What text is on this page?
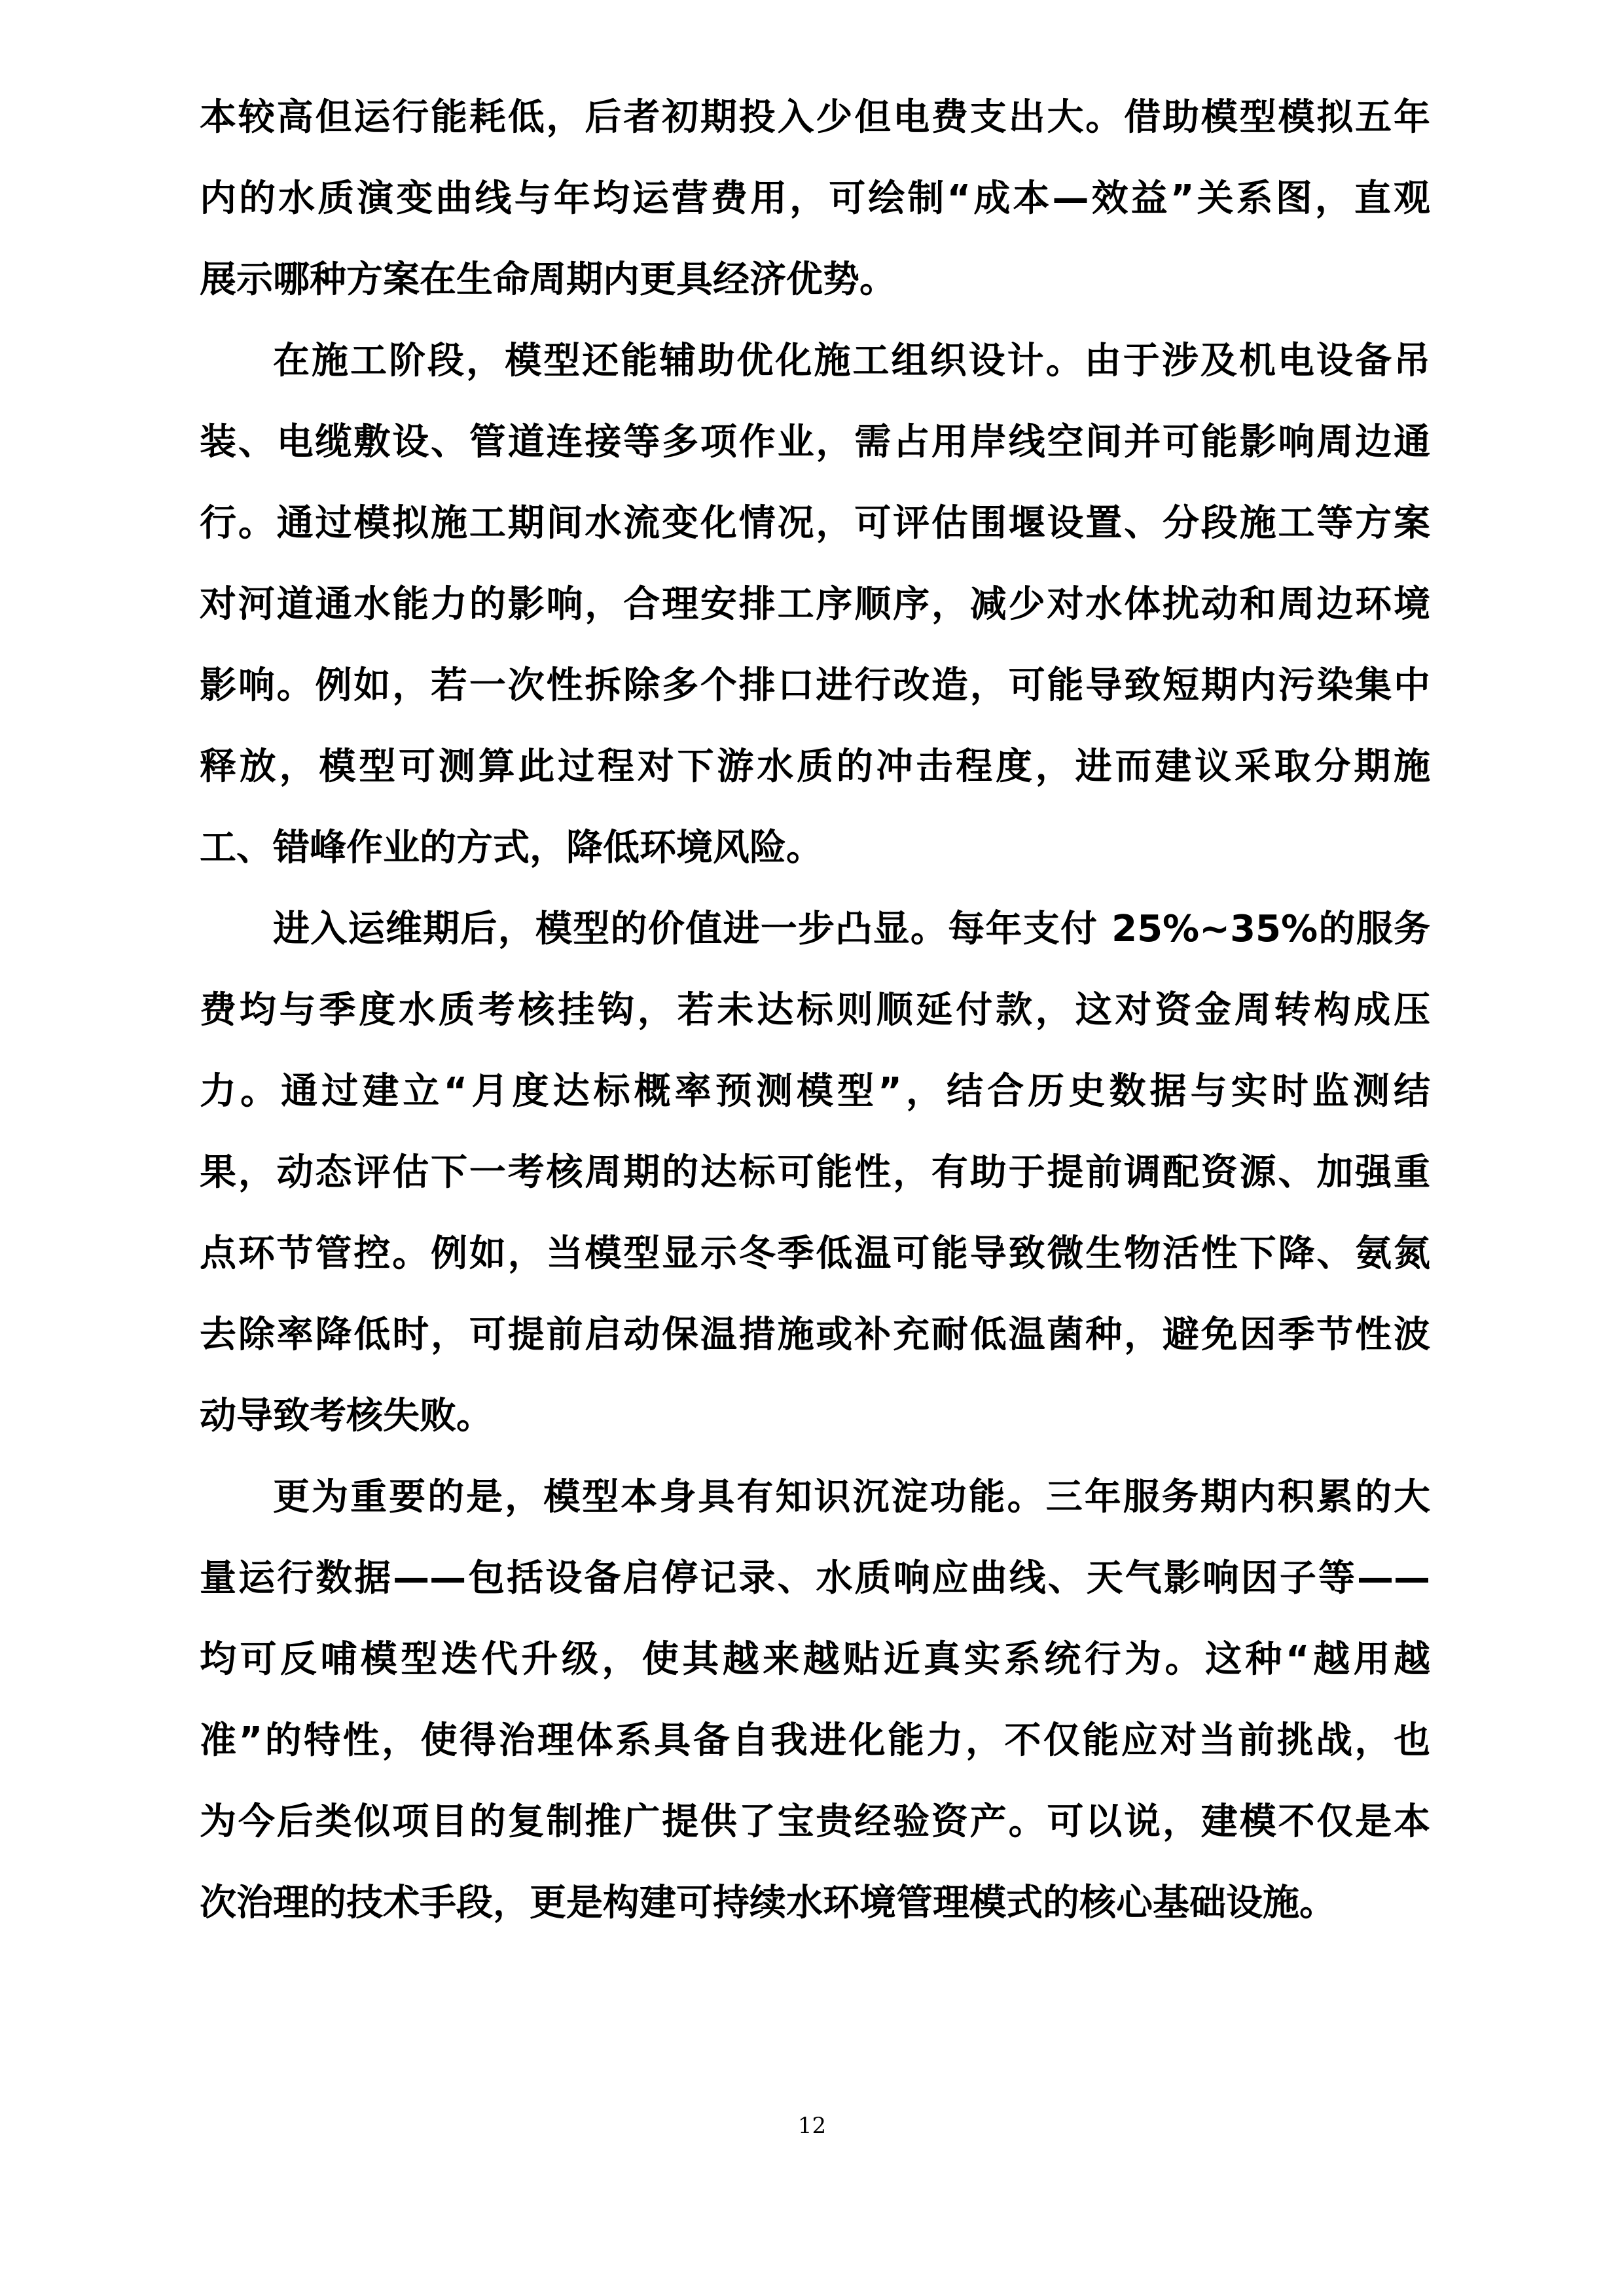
本较高但运行能耗低，后者初期投入少但电费支出大。借助模型模拟五年
内的水质演变曲线与年均运营费用，可绘制“成本—效益”关系图，直观
展示哪种方案在生命周期内更具经济优势。
在施工阶段，模型还能辅助优化施工组织设计。由于涉及机电设备吊
装、电缆敷设、管道连接等多项作业，需占用岸线空间并可能影响周边通
行。通过模拟施工期间水流变化情况，可评估围堰设置、分段施工等方案
对河道通水能力的影响，合理安排工序顺序，减少对水体扰动和周边环境
影响。例如，若一次性拆除多个排口进行改造，可能导致短期内污染集中
释放，模型可测算此过程对下游水质的冲击程度，进而建议采取分期施
工、错峰作业的方式，降低环境风险。
进入运维期后，模型的价值进一步凸显。每年支付 25%~35%的服务
费均与季度水质考核挂钩，若未达标则顺延付款，这对资金周转构成压
力。通过建立“月度达标概率预测模型”，结合历史数据与实时监测结
果，动态评估下一考核周期的达标可能性，有助于提前调配资源、加强重
点环节管控。例如，当模型显示冬季低温可能导致微生物活性下降、氨氮
去除率降低时，可提前启动保温措施或补充耐低温菌种，避免因季节性波
动导致考核失败。
更为重要的是，模型本身具有知识沉淀功能。三年服务期内积累的大
量运行数据——包括设备启停记录、水质响应曲线、天气影响因子等——
均可反哺模型迭代升级，使其越来越贴近真实系统行为。这种“越用越
准”的特性，使得治理体系具备自我进化能力，不仅能应对当前挑战，也
为今后类似项目的复制推广提供了宝贵经验资产。可以说，建模不仅是本
次治理的技术手段，更是构建可持续水环境管理模式的核心基础设施。
12
